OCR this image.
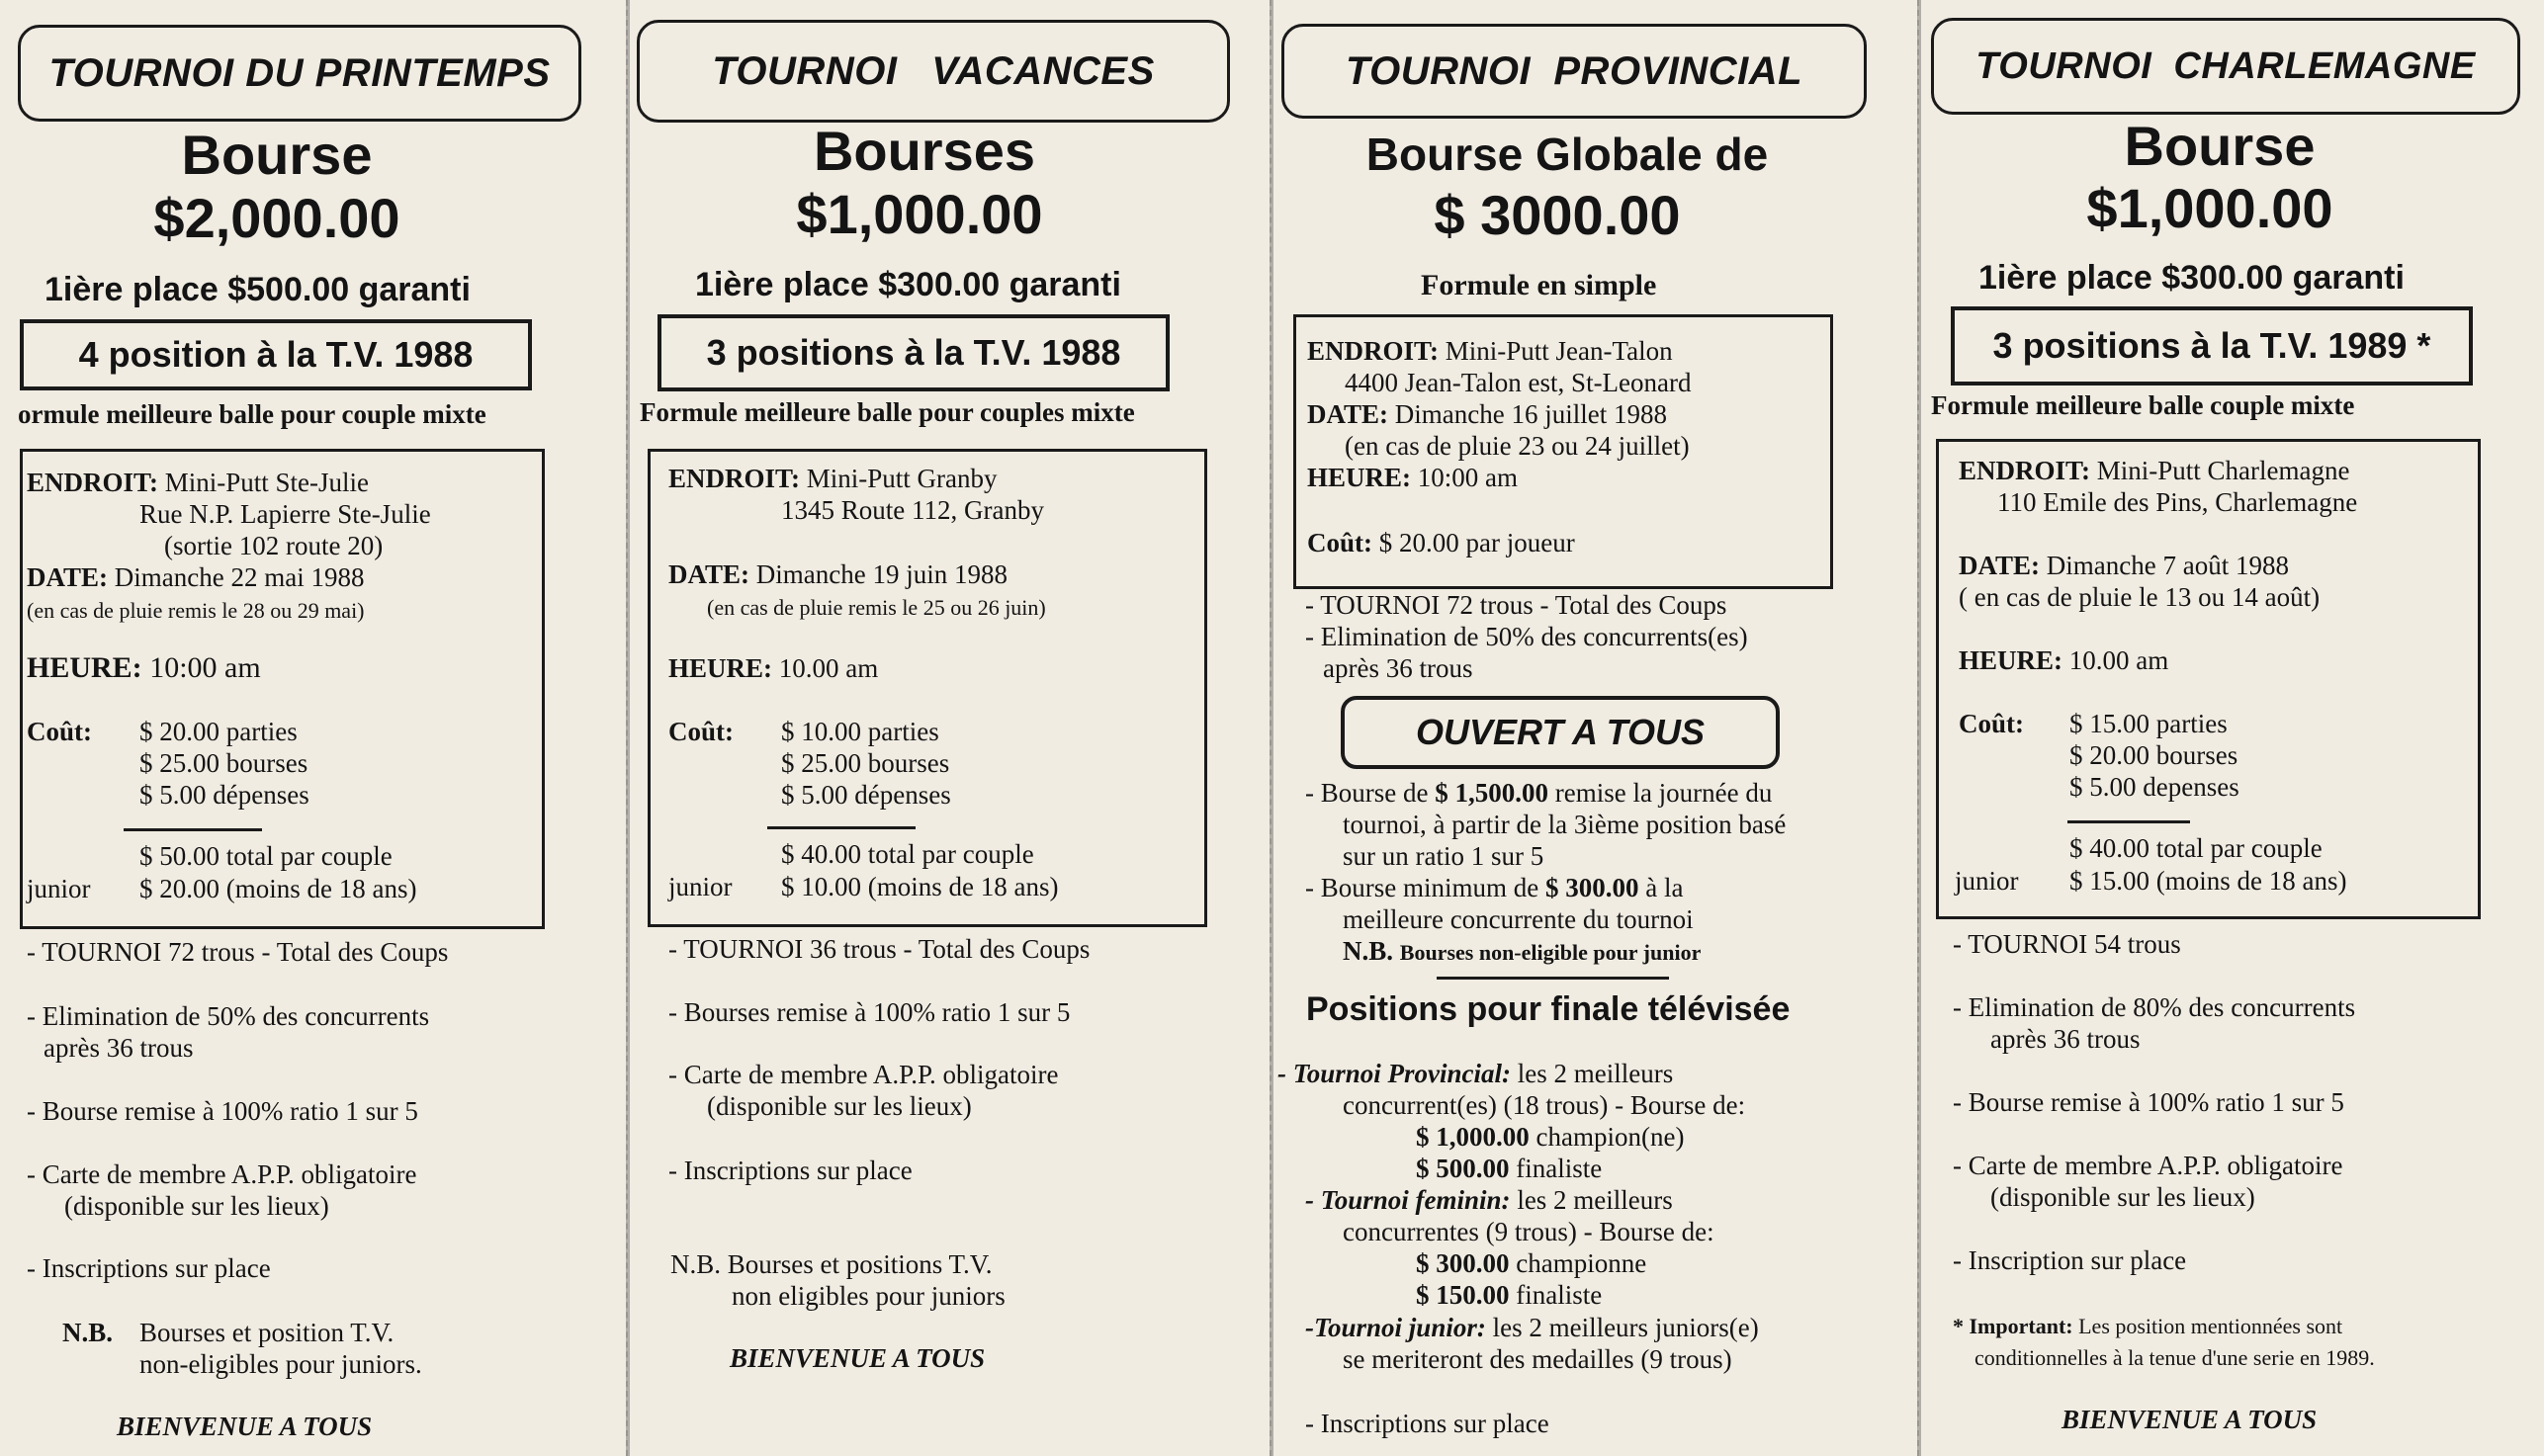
TOURNOI DU PRINTEMPS
Bourse
$2,000.00
1ière place $500.00 garanti
4 position à la T.V. 1988
ormule meilleure balle pour couple mixte
ENDROIT: Mini-Putt Ste-Julie
Rue N.P. Lapierre Ste-Julie
(sortie 102 route 20)
DATE: Dimanche 22 mai 1988
(en cas de pluie remis le 28 ou 29 mai)
HEURE: 10:00 am
Coût: $ 20.00 parties
$ 25.00 bourses
$ 5.00 dépenses
$ 50.00 total par couple
junior $ 20.00 (moins de 18 ans)
- TOURNOI 72 trous - Total des Coups
- Elimination de 50% des concurrents
après 36 trous
- Bourse remise à 100% ratio 1 sur 5
- Carte de membre A.P.P. obligatoire
(disponible sur les lieux)
- Inscriptions sur place
N.B. Bourses et position T.V.
non-eligibles pour juniors.
BIENVENUE A TOUS
TOURNOI   VACANCES
Bourses
$1,000.00
1ière place $300.00 garanti
3 positions à la T.V. 1988
Formule meilleure balle pour couples mixte
ENDROIT: Mini-Putt Granby
1345 Route 112, Granby
DATE: Dimanche 19 juin 1988
(en cas de pluie remis le 25 ou 26 juin)
HEURE: 10.00 am
Coût: $ 10.00 parties
$ 25.00 bourses
$ 5.00 dépenses
$ 40.00 total par couple
junior $ 10.00 (moins de 18 ans)
- TOURNOI 36 trous - Total des Coups
- Bourses remise à 100% ratio 1 sur 5
- Carte de membre A.P.P. obligatoire
(disponible sur les lieux)
- Inscriptions sur place
N.B. Bourses et positions T.V.
non eligibles pour juniors
BIENVENUE A TOUS
TOURNOI  PROVINCIAL
Bourse Globale de
$ 3000.00
Formule en simple
ENDROIT: Mini-Putt Jean-Talon
4400 Jean-Talon est, St-Leonard
DATE: Dimanche 16 juillet 1988
(en cas de pluie 23 ou 24 juillet)
HEURE: 10:00 am
Coût: $ 20.00 par joueur
- TOURNOI 72 trous - Total des Coups
- Elimination de 50% des concurrents(es)
après 36 trous
OUVERT A TOUS
- Bourse de $ 1,500.00 remise la journée du
tournoi, à partir de la 3ième position basé
sur un ratio 1 sur 5
- Bourse minimum de $ 300.00 à la
meilleure concurrente du tournoi
N.B. Bourses non-eligible pour junior
Positions pour finale télévisée
- Tournoi Provincial: les 2 meilleurs
concurrent(es) (18 trous) - Bourse de:
$ 1,000.00 champion(ne)
$ 500.00 finaliste
- Tournoi feminin: les 2 meilleurs
concurrentes (9 trous) - Bourse de:
$ 300.00 championne
$ 150.00 finaliste
-Tournoi junior: les 2 meilleurs juniors(e)
se meriteront des medailles (9 trous)
- Inscriptions sur place
TOURNOI  CHARLEMAGNE
Bourse
$1,000.00
1ière place $300.00 garanti
3 positions à la T.V. 1989 *
Formule meilleure balle couple mixte
ENDROIT: Mini-Putt Charlemagne
110 Emile des Pins, Charlemagne
DATE: Dimanche 7 août 1988
( en cas de pluie le 13 ou 14 août)
HEURE: 10.00 am
Coût: $ 15.00 parties
$ 20.00 bourses
$ 5.00 depenses
$ 40.00 total par couple
junior $ 15.00 (moins de 18 ans)
- TOURNOI 54 trous
- Elimination de 80% des concurrents
après 36 trous
- Bourse remise à 100% ratio 1 sur 5
- Carte de membre A.P.P. obligatoire
(disponible sur les lieux)
- Inscription sur place
* Important: Les position mentionnées sont
conditionnelles à la tenue d'une serie en 1989.
BIENVENUE A TOUS
